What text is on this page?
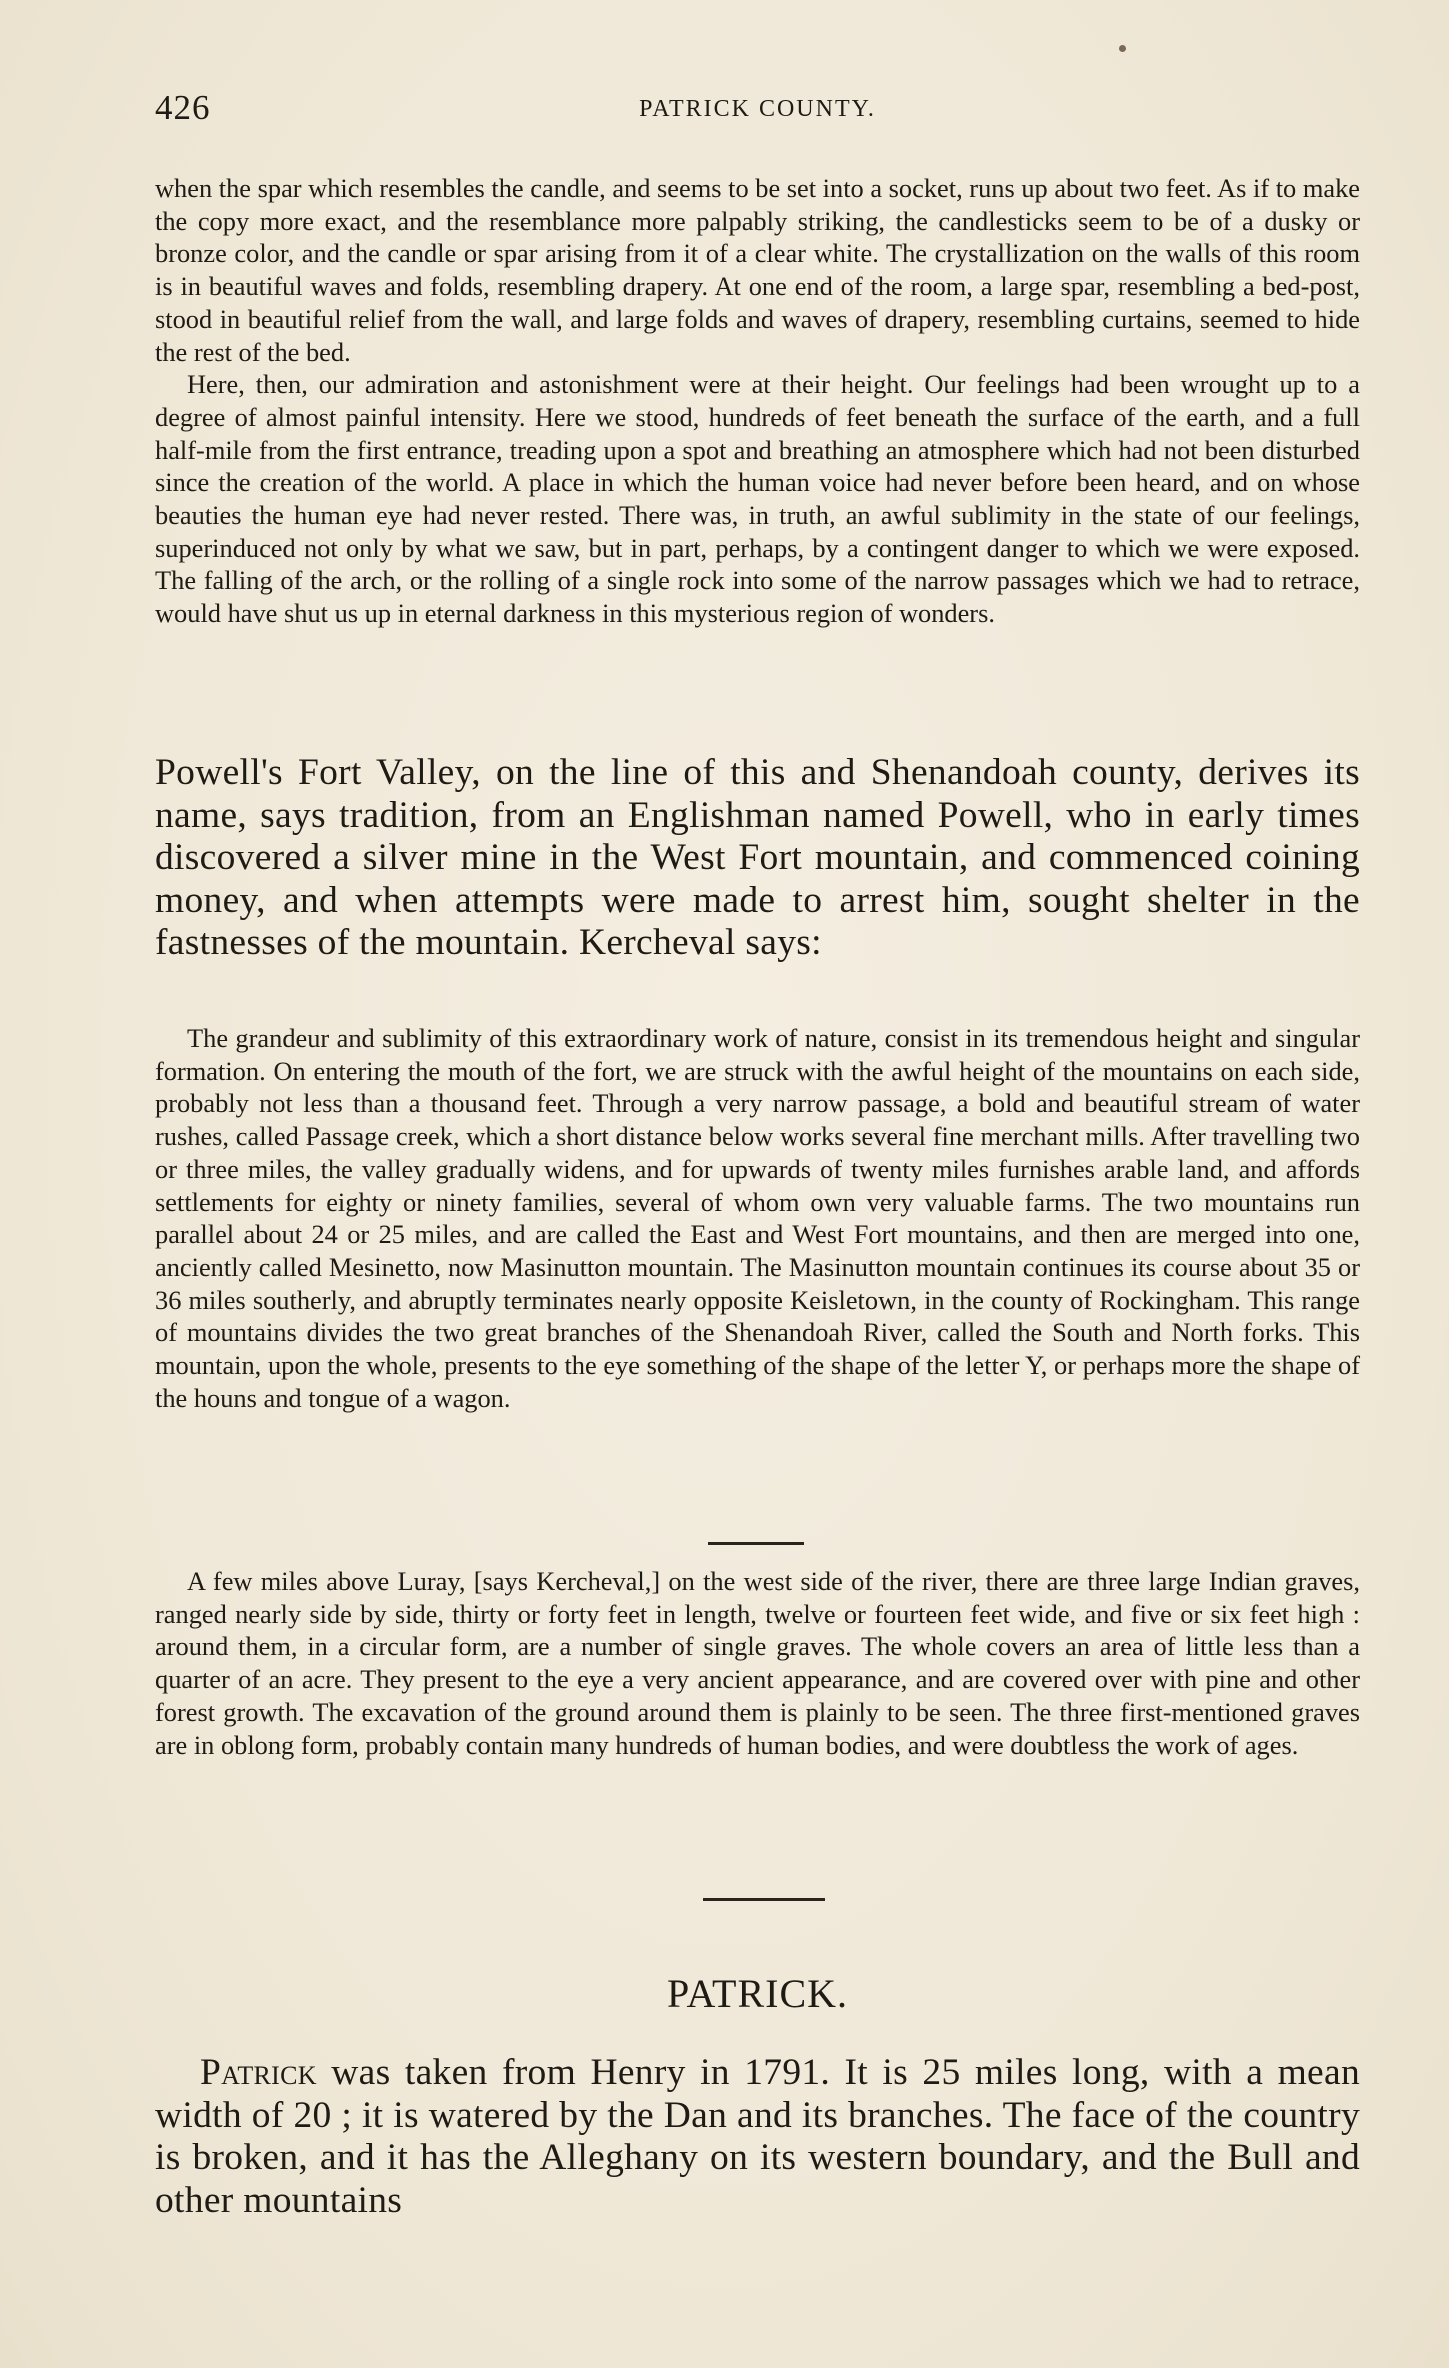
426	PATRICK COUNTY.

when the spar which resembles the candle, and seems to be set into a socket, runs up about two feet. As if to make the copy more exact, and the resemblance more palpably striking, the candlesticks seem to be of a dusky or bronze color, and the candle or spar arising from it of a clear white. The crystallization on the walls of this room is in beautiful waves and folds, resembling drapery. At one end of the room, a large spar, resembling a bed-post, stood in beautiful relief from the wall, and large folds and waves of drapery, resembling curtains, seemed to hide the rest of the bed.

Here, then, our admiration and astonishment were at their height. Our feelings had been wrought up to a degree of almost painful intensity. Here we stood, hundreds of feet beneath the surface of the earth, and a full half-mile from the first entrance, treading upon a spot and breathing an atmosphere which had not been disturbed since the creation of the world. A place in which the human voice had never before been heard, and on whose beauties the human eye had never rested. There was, in truth, an awful sublimity in the state of our feelings, superinduced not only by what we saw, but in part, perhaps, by a contingent danger to which we were exposed. The falling of the arch, or the rolling of a single rock into some of the narrow passages which we had to retrace, would have shut us up in eternal darkness in this mysterious region of wonders.

Powell's Fort Valley, on the line of this and Shenandoah county, derives its name, says tradition, from an Englishman named Powell, who in early times discovered a silver mine in the West Fort mountain, and commenced coining money, and when attempts were made to arrest him, sought shelter in the fastnesses of the mountain. Kercheval says:

The grandeur and sublimity of this extraordinary work of nature, consist in its tremendous height and singular formation. On entering the mouth of the fort, we are struck with the awful height of the mountains on each side, probably not less than a thousand feet. Through a very narrow passage, a bold and beautiful stream of water rushes, called Passage creek, which a short distance below works several fine merchant mills. After travelling two or three miles, the valley gradually widens, and for upwards of twenty miles furnishes arable land, and affords settlements for eighty or ninety families, several of whom own very valuable farms. The two mountains run parallel about 24 or 25 miles, and are called the East and West Fort mountains, and then are merged into one, anciently called Mesinetto, now Masinutton mountain. The Masinutton mountain continues its course about 35 or 36 miles southerly, and abruptly terminates nearly opposite Keisletown, in the county of Rockingham. This range of mountains divides the two great branches of the Shenandoah River, called the South and North forks. This mountain, upon the whole, presents to the eye something of the shape of the letter Y, or perhaps more the shape of the houns and tongue of a wagon.

A few miles above Luray, [says Kercheval,] on the west side of the river, there are three large Indian graves, ranged nearly side by side, thirty or forty feet in length, twelve or fourteen feet wide, and five or six feet high : around them, in a circular form, are a number of single graves. The whole covers an area of little less than a quarter of an acre. They present to the eye a very ancient appearance, and are covered over with pine and other forest growth. The excavation of the ground around them is plainly to be seen. The three first-mentioned graves are in oblong form, probably contain many hundreds of human bodies, and were doubtless the work of ages.

PATRICK.

Patrick was taken from Henry in 1791. It is 25 miles long, with a mean width of 20 ; it is watered by the Dan and its branches. The face of the country is broken, and it has the Alleghany on its western boundary, and the Bull and other mountains
